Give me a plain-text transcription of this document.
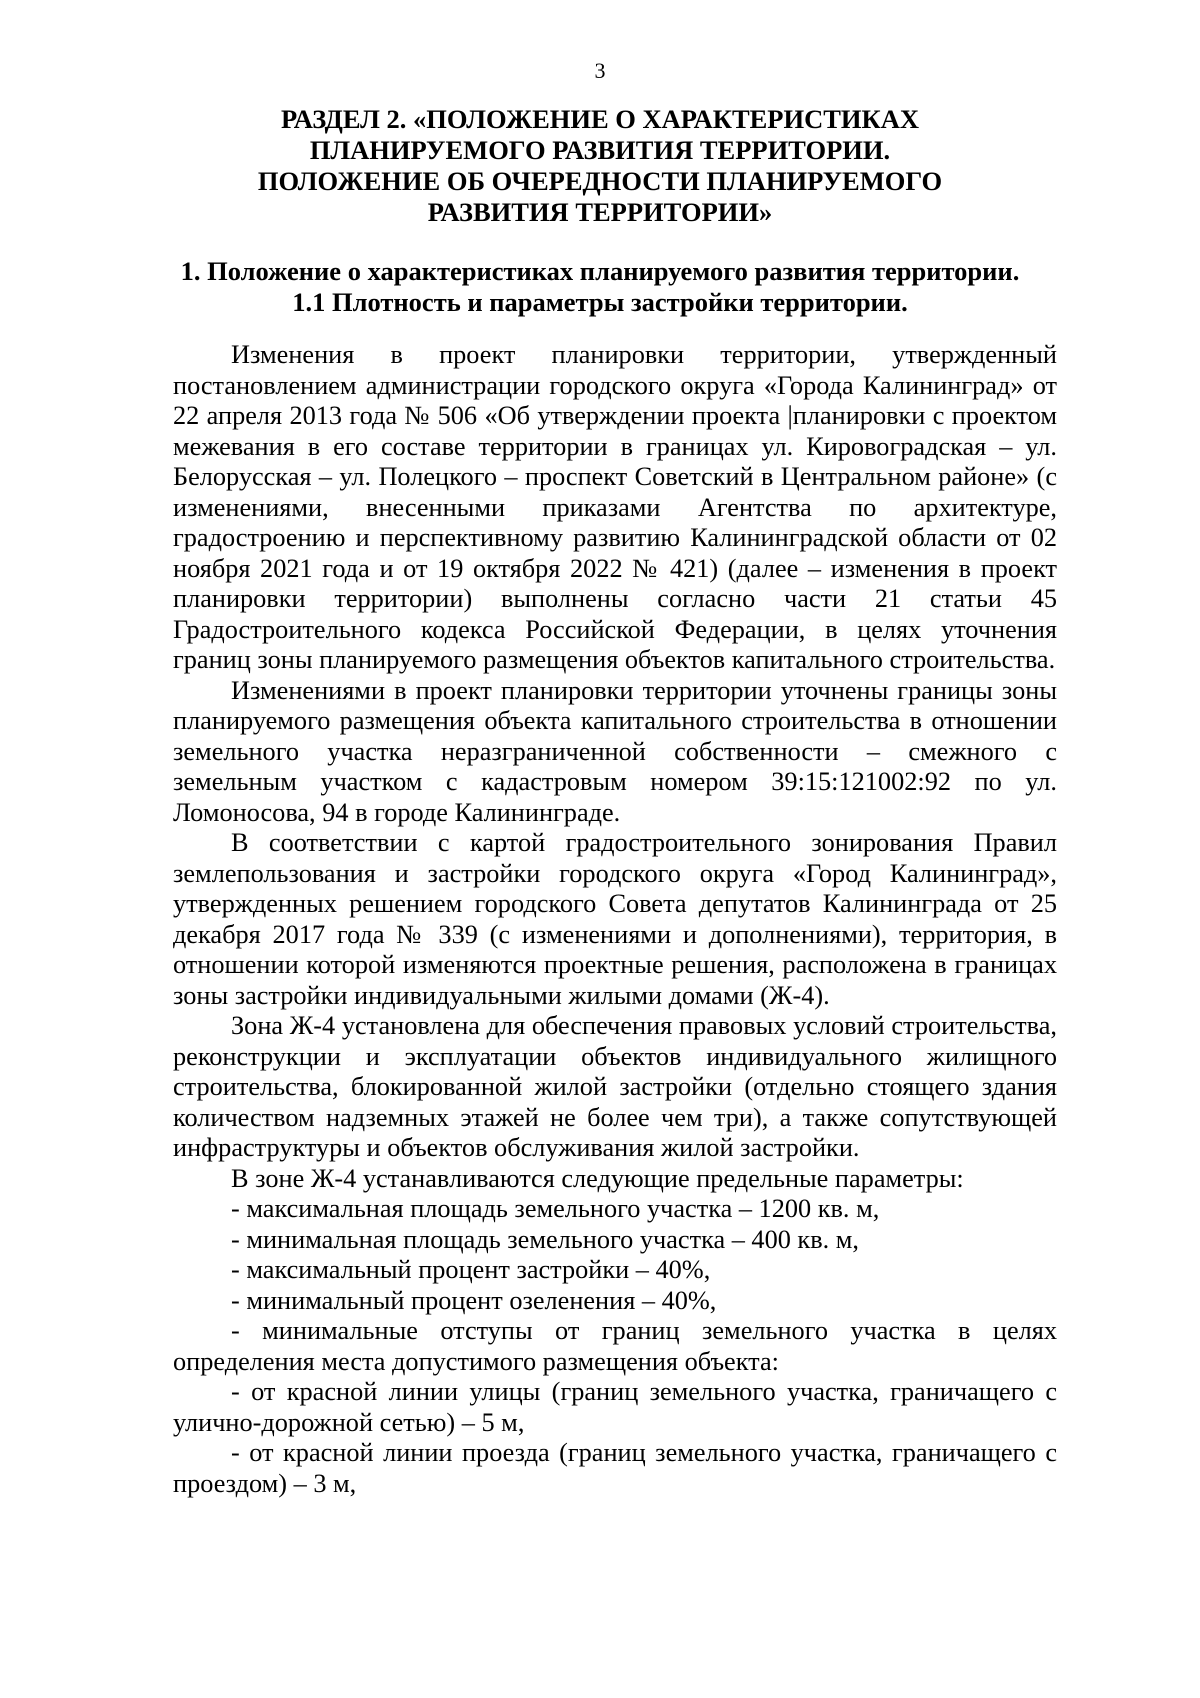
3
РАЗДЕЛ 2. «ПОЛОЖЕНИЕ О ХАРАКТЕРИСТИКАХ
ПЛАНИРУЕМОГО РАЗВИТИЯ ТЕРРИТОРИИ.
ПОЛОЖЕНИЕ ОБ ОЧЕРЕДНОСТИ ПЛАНИРУЕМОГО
РАЗВИТИЯ ТЕРРИТОРИИ»
1. Положение о характеристиках планируемого развития территории.
1.1 Плотность и параметры застройки территории.

Изменения в проект планировки территории, утвержденный постановлением администрации городского округа «Города Калининград» от 22 апреля 2013 года № 506 «Об утверждении проекта |планировки с проектом межевания в его составе территории в границах ул. Кировоградская – ул. Белорусская – ул. Полецкого – проспект Советский в Центральном районе» (с изменениями, внесенными приказами Агентства по архитектуре, градостроению и перспективному развитию Калининградской области от 02 ноября 2021 года и от 19 октября 2022 № 421) (далее – изменения в проект планировки территории) выполнены согласно части 21 статьи 45 Градостроительного кодекса Российской Федерации, в целях уточнения границ зоны планируемого размещения объектов капитального строительства.

Изменениями в проект планировки территории уточнены границы зоны планируемого размещения объекта капитального строительства в отношении земельного участка неразграниченной собственности – смежного с земельным участком с кадастровым номером 39:15:121002:92 по ул. Ломоносова, 94 в городе Калининграде.

В соответствии с картой градостроительного зонирования Правил землепользования и застройки городского округа «Город Калининград», утвержденных решением городского Совета депутатов Калининграда от 25 декабря 2017 года № 339 (с изменениями и дополнениями), территория, в отношении которой изменяются проектные решения, расположена в границах зоны застройки индивидуальными жилыми домами (Ж-4).

Зона Ж-4 установлена для обеспечения правовых условий строительства, реконструкции и эксплуатации объектов индивидуального жилищного строительства, блокированной жилой застройки (отдельно стоящего здания количеством надземных этажей не более чем три), а также сопутствующей инфраструктуры и объектов обслуживания жилой застройки.

В зоне Ж-4 устанавливаются следующие предельные параметры:

- максимальная площадь земельного участка – 1200 кв. м,

- минимальная площадь земельного участка – 400 кв. м,

- максимальный процент застройки – 40%,

- минимальный процент озеленения – 40%,

- минимальные отступы от границ земельного участка в целях определения места допустимого размещения объекта:

- от красной линии улицы (границ земельного участка, граничащего с улично-дорожной сетью) – 5 м,

- от красной линии проезда (границ земельного участка, граничащего с проездом) – 3 м,
